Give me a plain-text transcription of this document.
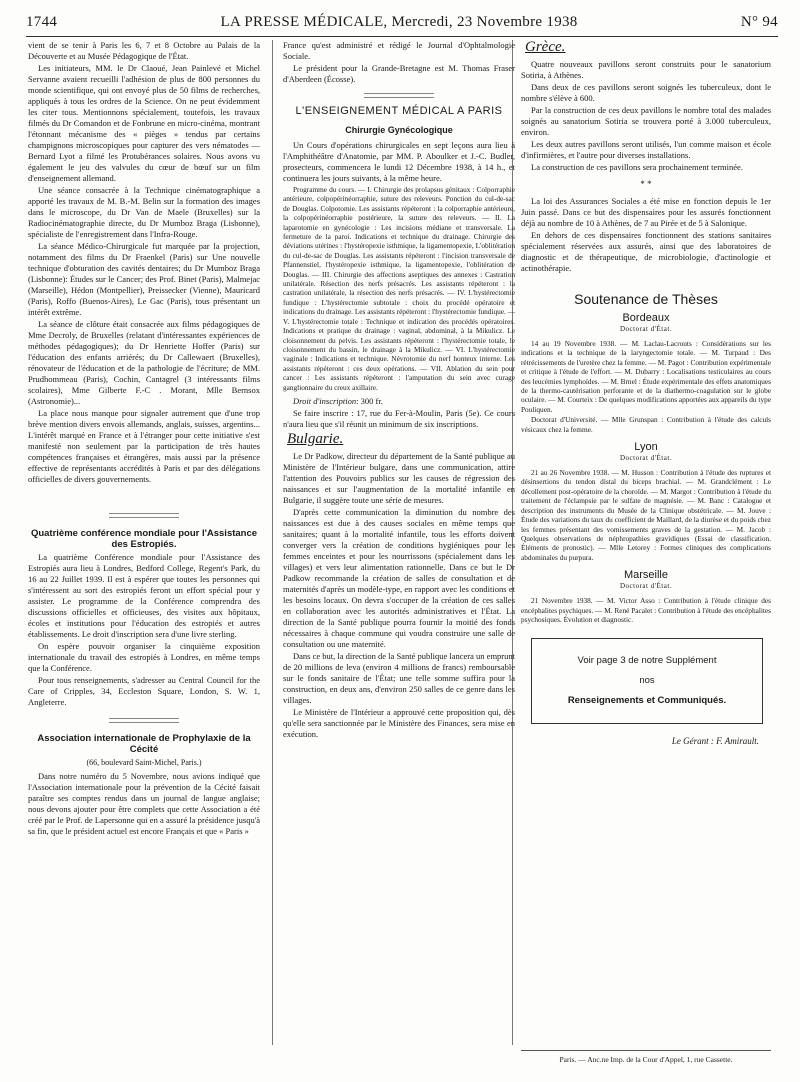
1744	LA PRESSE MÉDICALE, Mercredi, 23 Novembre 1938	N° 94

vient de se tenir à Paris les 6, 7 et 8 Octobre au Palais de la Découverte et au Musée Pédagogique de l'État.

Les initiateurs, MM. le Dr Claoué, Jean Painlevé et Michel Servanne avaient recueilli l'adhésion de plus de 800 personnes du monde scientifique, qui ont envoyé plus de 50 films de recherches, appliqués à tous les ordres de la Science. On ne peut évidemment les citer tous. Mentionnons spécialement, toutefois, les travaux filmés du Dr Comandon et de Fonbrune en micro-cinéma, montrant l'étonnant mécanisme des « pièges » tendus par certains champignons microscopiques pour capturer des vers nématodes — Bernard Lyot a filmé les Protubérances solaires. Nous avons vu également le jeu des valvules du cœur de bœuf sur un film d'enseignement allemand.

Une séance consacrée à la Technique cinématographique a apporté les travaux de M. B.-M. Belin sur la formation des images dans le microscope, du Dr Van de Maele (Bruxelles) sur la Radiocinématographie directe, du Dr Mumboz Braga (Lisbonne), spécialiste de l'enregistrement dans l'Infra-Rouge.

La séance Médico-Chirurgicale fut marquée par la projection, notamment des films du Dr Fraenkel (Paris) sur Une nouvelle technique d'obturation des cavités dentaires; du Dr Mumboz Braga (Lisbonne): Études sur le Cancer; des Prof. Binet (Paris), Malmejac (Marseille), Hédon (Montpellier), Preissecker (Vienne), Mauricard (Paris), Roffo (Buenos-Aires), Le Gac (Paris), tous présentant un intérêt extrême.

La séance de clôture était consacrée aux films pédagogiques de Mme Decroly, de Bruxelles (relatant d'intéressantes expériences de méthodes pédagogiques); du Dr Henriette Hoffer (Paris) sur l'éducation des enfants arriérés; du Dr Callewaert (Bruxelles), rénovateur de l'éducation et de la pathologie de l'écriture; de MM. Prudhommeau (Paris), Cochin, Cantagrel (3 intéressants films scolaires), Mme Gilberte F.-C . Morant, Mlle Bernsox (Astronomie)...

La place nous manque pour signaler autrement que d'une trop brève mention divers envois allemands, anglais, suisses, argentins... L'intérêt marqué en France et à l'étranger pour cette initiative s'est manifesté non seulement par la participation de très hautes compétences françaises et étrangères, mais aussi par la présence effective de représentants accrédités à Paris et par des délégations officielles de divers gouvernements.

Quatrième conférence mondiale pour l'Assistance des Estropiés.

La quatrième Conférence mondiale pour l'Assistance des Estropiés aura lieu à Londres, Bedford College, Regent's Park, du 16 au 22 Juillet 1939. Il est à espérer que toutes les personnes qui s'intéressent au sort des estropiés feront un effort spécial pour y assister. Le programme de la Conférence comprendra des discussions officielles et officieuses, des visites aux hôpitaux, écoles et institutions pour l'éducation des estropiés et autres établissements. Le droit d'inscription sera d'une livre sterling.

On espère pouvoir organiser la cinquième exposition internationale du travail des estropiés à Londres, en même temps que la Conférence.

Pour tous renseignements, s'adresser au Central Council for the Care of Cripples, 34, Eccleston Square, London, S. W. 1, Angleterre.

Association internationale de Prophylaxie de la Cécité
(66, boulevard Saint-Michel, Paris.)

Dans notre numéro du 5 Novembre, nous avions indiqué que l'Association internationale pour la prévention de la Cécité faisait paraître ses comptes rendus dans un journal de langue anglaise; nous devons ajouter pour être complets que cette Association a été créé par le Prof. de Lapersonne qui en a assuré la présidence jusqu'à sa fin, que le président actuel est encore Français et que « Paris »

France qu'est administré et rédigé le Journal d'Ophtalmologie Sociale.

Le président pour la Grande-Bretagne est M. Thomas Fraser d'Aberdeen (Écosse).

L'ENSEIGNEMENT MÉDICAL A PARIS
Chirurgie Gynécologique

Un Cours d'opérations chirurgicales en sept leçons aura lieu à l'Amphithéâtre d'Anatomie, par MM. P. Aboulker et J.-C. Budler, prosecteurs, commencera le lundi 12 Décembre 1938, à 14 h., et continuera les jours suivants, à la même heure.

Programme du cours. — I. Chirurgie des prolapsus génitaux : Colporraphie antérieure, colpopérinéorraphie, suture des releveurs. Ponction du cul-de-sac de Douglas. Colpotomie. Les assistants répéteront : la colporraphie antérieure, la colpopérinéorraphie postérieure, la suture des releveurs. — II. La laparotomie en gynécologie : Les incisions médiane et transversale. La fermeture de la paroi. Indications et technique du drainage. Chirurgie des déviations utérines : l'hystéropexie isthmique, la ligamentopexie, L'oblitération du cul-de-sac de Douglas. Les assistants répéteront : l'incision transversale de Pfannenstiel, l'hystéropexie isthmique, la ligamentopexie, l'oblitération de Douglas. — III. Chirurgie des affections aseptiques des annexes : Castration unilatérale. Résection des nerfs présacrés. Les assistants répéteront : la castration unilatérale, la résection des nerfs présacrés. — IV. L'hystérectomie fundique : L'hystérectomie subtotale : choix du procédé opératoire et indications du drainage. Les assistants répéteront : l'hystérectomie fundique. — V. L'hystérectomie totale : Technique et indication des procédés opératoires. Indications et pratique du drainage : vaginal, abdominal, à la Mikulicz. Le cloisonnement du pelvis. Les assistants répéteront : l'hystérectomie totale, le cloisonnement du bassin, le drainage à la Mikulicz. — VI. L'hystérectomie vaginale : Indications et technique. Névrotomie du nerf honteux interne. Les assistants répéteront : ces deux opérations. — VII. Ablation du sein pour cancer : Les assistants répéteront : l'amputation du sein avec curage ganglionnaire du creux axillaire.

Droit d'inscription: 300 fr.

Se faire inscrire : 17, rue du Fer-à-Moulin, Paris (5e). Ce cours n'aura lieu que s'il réunit un minimum de six inscriptions.

Bulgarie.

Le Dr Padkow, directeur du département de la Santé publique au Ministère de l'Intérieur bulgare, dans une communication, attire l'attention des Pouvoirs publics sur les causes de régression des naissances et sur l'augmentation de la mortalité infantile en Bulgarie, il suggère toute une série de mesures.

D'après cette communication la diminution du nombre des naissances est due à des causes sociales en même temps que sanitaires; quant à la mortalité infantile, tous les efforts doivent converger vers la création de conditions hygiéniques pour les femmes enceintes et pour les nourrissons (spécialement dans les villages) et vers leur alimentation rationnelle. Dans ce but le Dr Padkow recommande la création de salles de consultation et de maternités d'après un modèle-type, en rapport avec les conditions et les besoins locaux. On devra s'occuper de la création de ces salles en collaboration avec les autorités administratives et l'État. La direction de la Santé publique pourra fournir la moitié des fonds nécessaires à chaque commune qui voudra construire une salle de consultation ou une maternité.

Dans ce but, la direction de la Santé publique lancera un emprunt de 20 millions de leva (environ 4 millions de francs) remboursable sur le fonds sanitaire de l'État; une telle somme suffira pour la construction, en deux ans, d'environ 250 salles de ce genre dans les villages.

Le Ministère de l'Intérieur a approuvé cette proposition qui, dès qu'elle sera sanctionnée par le Ministère des Finances, sera mise en exécution.

Grèce.

Quatre nouveaux pavillons seront construits pour le sanatorium Sotiria, à Athènes.

Dans deux de ces pavillons seront soignés les tuberculeux, dont le nombre s'élève à 600.

Par la construction de ces deux pavillons le nombre total des malades soignés au sanatorium Sotiria se trouvera porté à 3.000 tuberculeux, environ.

Les deux autres pavillons seront utilisés, l'un comme maison et école d'infirmières, et l'autre pour diverses installations.

La construction de ces pavillons sera prochainement terminée.

* *

La loi des Assurances Sociales a été mise en fonction depuis le 1er Juin passé. Dans ce but des dispensaires pour les assurés fonctionnent déjà au nombre de 10 à Athènes, de 7 au Pirée et de 5 à Salonique.

En dehors de ces dispensaires fonctionnent des stations sanitaires spécialement réservées aux assurés, ainsi que des laboratoires de diagnostic et de thérapeutique, de microbiologie, d'actinologie et actinothérapie.

Soutenance de Thèses
Bordeaux
Doctorat d'État.

14 au 19 Novembre 1938. — M. Laclau-Lacrouts : Considérations sur les indications et la technique de la laryngectomie totale. — M. Turpaud : Des rétrécissements de l'uretère chez la femme. — M. Pagot : Contribution expérimentale et critique à l'étude de l'effort. — M. Dubarry : Localisations testiculaires au cours des leucémies lymphoïdes. — M. Brnel : Étude expérimentale des effets anatomiques de la thermo-cautérisation perforante et de la diathermo-coagulation sur le globe oculaire. — M. Courteix : De quelques modifications apportées aux appareils du type Pouliquen.

Doctorat d'Université. — Mlle Grunspan : Contribution à l'étude des calculs vésicaux chez la femme.

Lyon
Doctorat d'État.

21 au 26 Novembre 1938. — M. Husson : Contribution à l'étude des ruptures et désinsertions du tendon distal du biceps brachial. — M. Grandclément : Le décollement post-opératoire de la choroïde. — M. Margot : Contribution à l'étude du traitement de l'éclampsie par le sulfate de magnésie. — M. Banc : Catalogue et description des instruments du Musée de la Clinique obstétricale. — M. Jouve : Étude des variations du taux du coefficient de Maillard, de la diurèse et du poids chez les femmes présentant des vomissements graves de la gestation. — M. Jacob : Quelques observations de néphropathies gravidiques (Essai de classification. Éléments de pronostic). — Mlle Letorey : Formes cliniques des complications abdominales du purpura.

Marseille
Doctorat d'État.

21 Novembre 1938. — M. Victor Asso : Contribution à l'étude clinique des encéphalites psychiques. — M. René Pacalet : Contribution à l'étude des encéphalites psychosiques. Évolution et diagnostic.

Voir page 3 de notre Supplément
nos
Renseignements et Communiqués.
Le Gérant : F. Amirault.
Paris. — Anc.ne Imp. de la Cour d'Appel, 1, rue Cassette.
